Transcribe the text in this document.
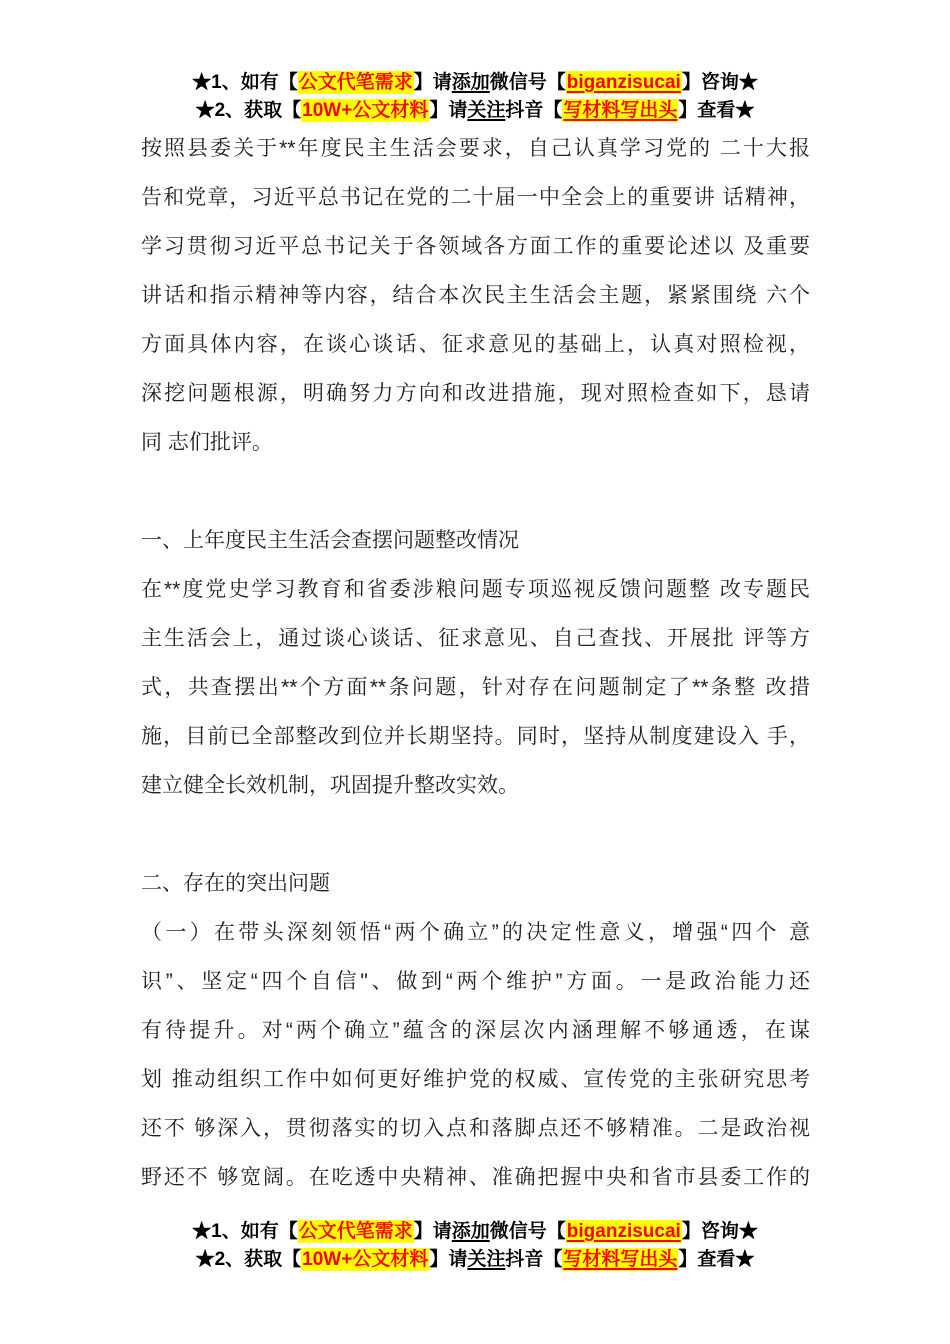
★1、如有【公文代笔需求】请添加微信号【biganzisucai】咨询★
★2、获取【10W+公文材料】请关注抖音【写材料写出头】查看★
按照县委关于**年度民主生活会要求，自己认真学习党的 二十大报
告和党章，习近平总书记在党的二十届一中全会上的重要讲 话精神，
学习贯彻习近平总书记关于各领域各方面工作的重要论述以 及重要
讲话和指示精神等内容，结合本次民主生活会主题，紧紧围绕 六个
方面具体内容，在谈心谈话、征求意见的基础上，认真对照检视，
深挖问题根源，明确努力方向和改进措施，现对照检查如下，恳请
同 志们批评。

一、上年度民主生活会查摆问题整改情况
在**度党史学习教育和省委涉粮问题专项巡视反馈问题整 改专题民
主生活会上，通过谈心谈话、征求意见、自己查找、开展批 评等方
式，共查摆出**个方面**条问题，针对存在问题制定了**条整 改措
施，目前已全部整改到位并长期坚持。同时，坚持从制度建设入 手，
建立健全长效机制，巩固提升整改实效。

二、存在的突出问题
（一）在带头深刻领悟“两个确立”的决定性意义，增强“四个 意
识”、坚定“四个自信"、做到“两个维护”方面。一是政治能力还
有待提升。对“两个确立”蕴含的深层次内涵理解不够通透，在谋
划 推动组织工作中如何更好维护党的权威、宣传党的主张研究思考
还不 够深入，贯彻落实的切入点和落脚点还不够精准。二是政治视
野还不 够宽阔。在吃透中央精神、准确把握中央和省市县委工作的
★1、如有【公文代笔需求】请添加微信号【biganzisucai】咨询★
★2、获取【10W+公文材料】请关注抖音【写材料写出头】查看★
